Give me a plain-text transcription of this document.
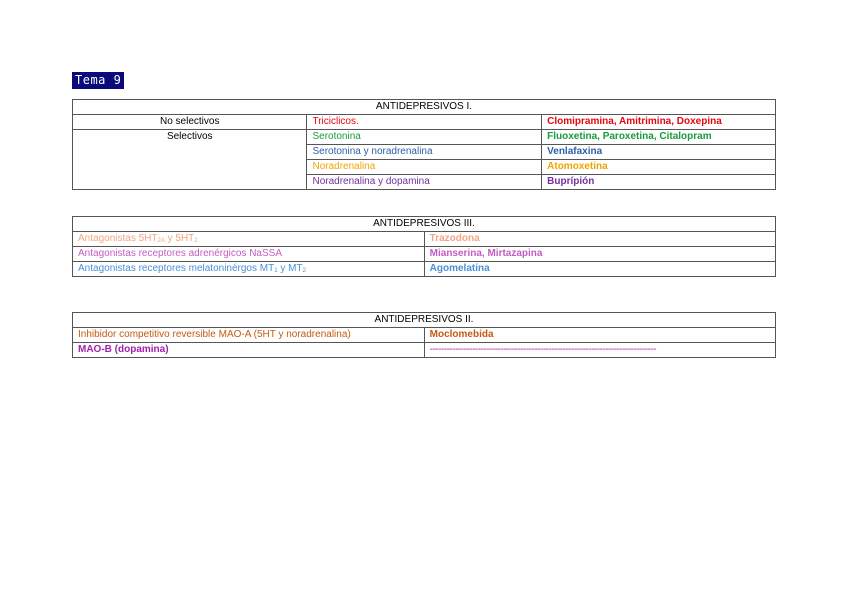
Tema 9
ANTIDEPRESIVOS I.		
No selectivos	Triciclicos.	Clomipramina, Amitrimina, Doxepina
Selectivos	Serotonina	Fluoxetina, Paroxetina, Citalopram
	Serotonina y noradrenalina	Venlafaxina
	Noradrenalina	Atomoxetina
	Noradrenalina y dopamina	Buprípión
ANTIDEPRESIVOS III.	
Antagonistas $5HT_{2A}$ y $5HT_2$	Trazodona
Antagonistas receptores adrenérgicos NaSSA	Mianserina, Mirtazapina
Antagonistas receptores melatoninérgos $MT_1$ y $MT_2$	Agomelatina
ANTIDEPRESIVOS II.	
Inhibidor competitivo reversible MAO-A (5HT y noradrenalina)	Moclomebida
MAO-B (dopamina)	--------------------------------------------------------------------------------
